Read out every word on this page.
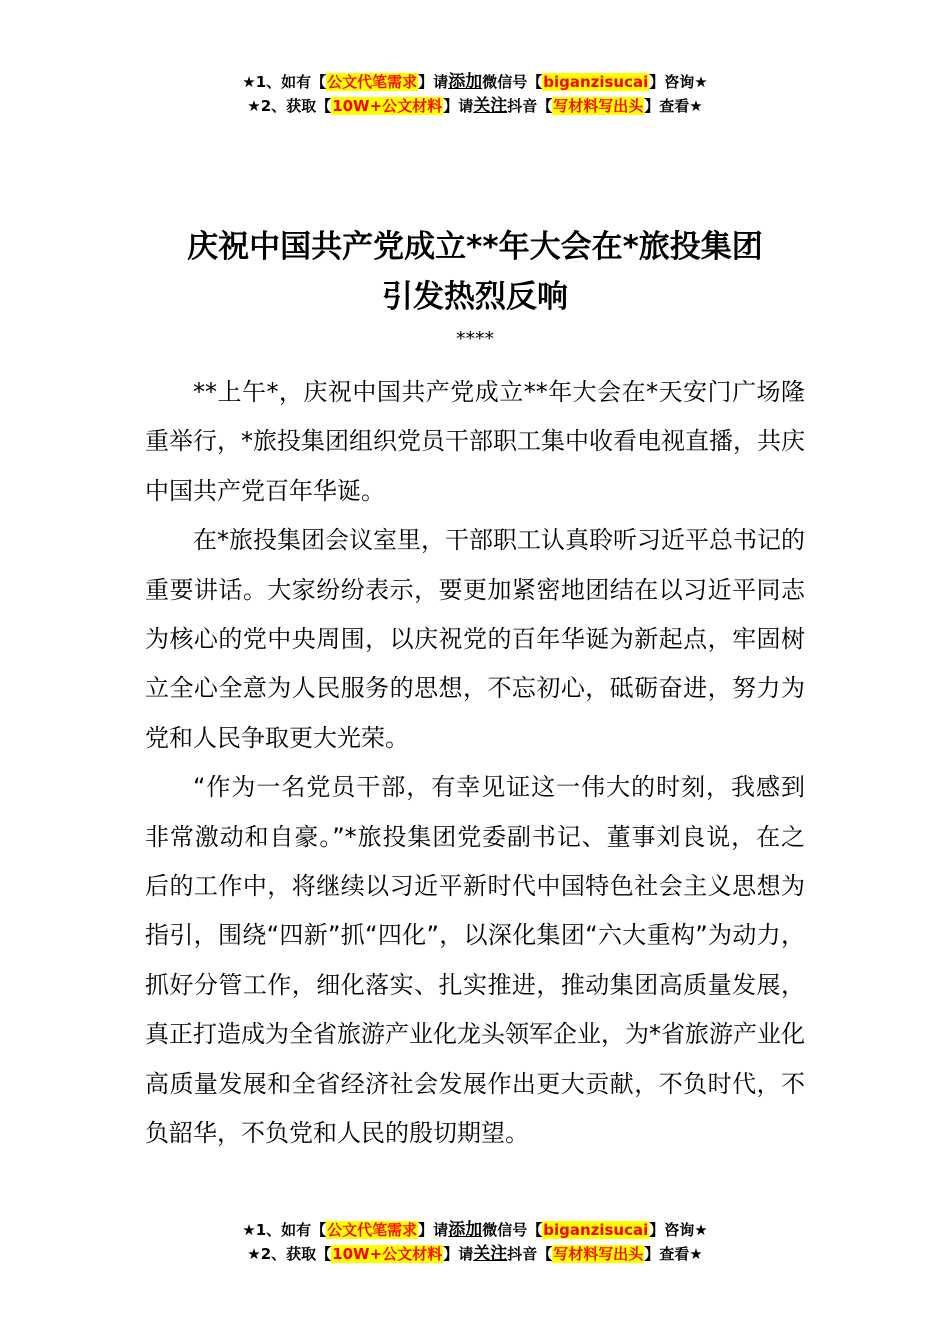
★1、如有【公文代笔需求】请添加微信号【biganzisucai】咨询★
★2、获取【10W+公文材料】请关注抖音【写材料写出头】查看★
庆祝中国共产党成立**年大会在*旅投集团
引发热烈反响
****

**上午*，庆祝中国共产党成立**年大会在*天安门广场隆重举行，*旅投集团组织党员干部职工集中收看电视直播，共庆中国共产党百年华诞。

在*旅投集团会议室里，干部职工认真聆听习近平总书记的重要讲话。大家纷纷表示，要更加紧密地团结在以习近平同志为核心的党中央周围，以庆祝党的百年华诞为新起点，牢固树立全心全意为人民服务的思想，不忘初心，砥砺奋进，努力为党和人民争取更大光荣。

“作为一名党员干部，有幸见证这一伟大的时刻，我感到非常激动和自豪。”*旅投集团党委副书记、董事刘良说，在之后的工作中，将继续以习近平新时代中国特色社会主义思想为指引，围绕“四新”抓“四化”，以深化集团“六大重构”为动力，抓好分管工作，细化落实、扎实推进，推动集团高质量发展，真正打造成为全省旅游产业化龙头领军企业，为*省旅游产业化高质量发展和全省经济社会发展作出更大贡献，不负时代，不负韶华，不负党和人民的殷切期望。

★1、如有【公文代笔需求】请添加微信号【biganzisucai】咨询★
★2、获取【10W+公文材料】请关注抖音【写材料写出头】查看★
